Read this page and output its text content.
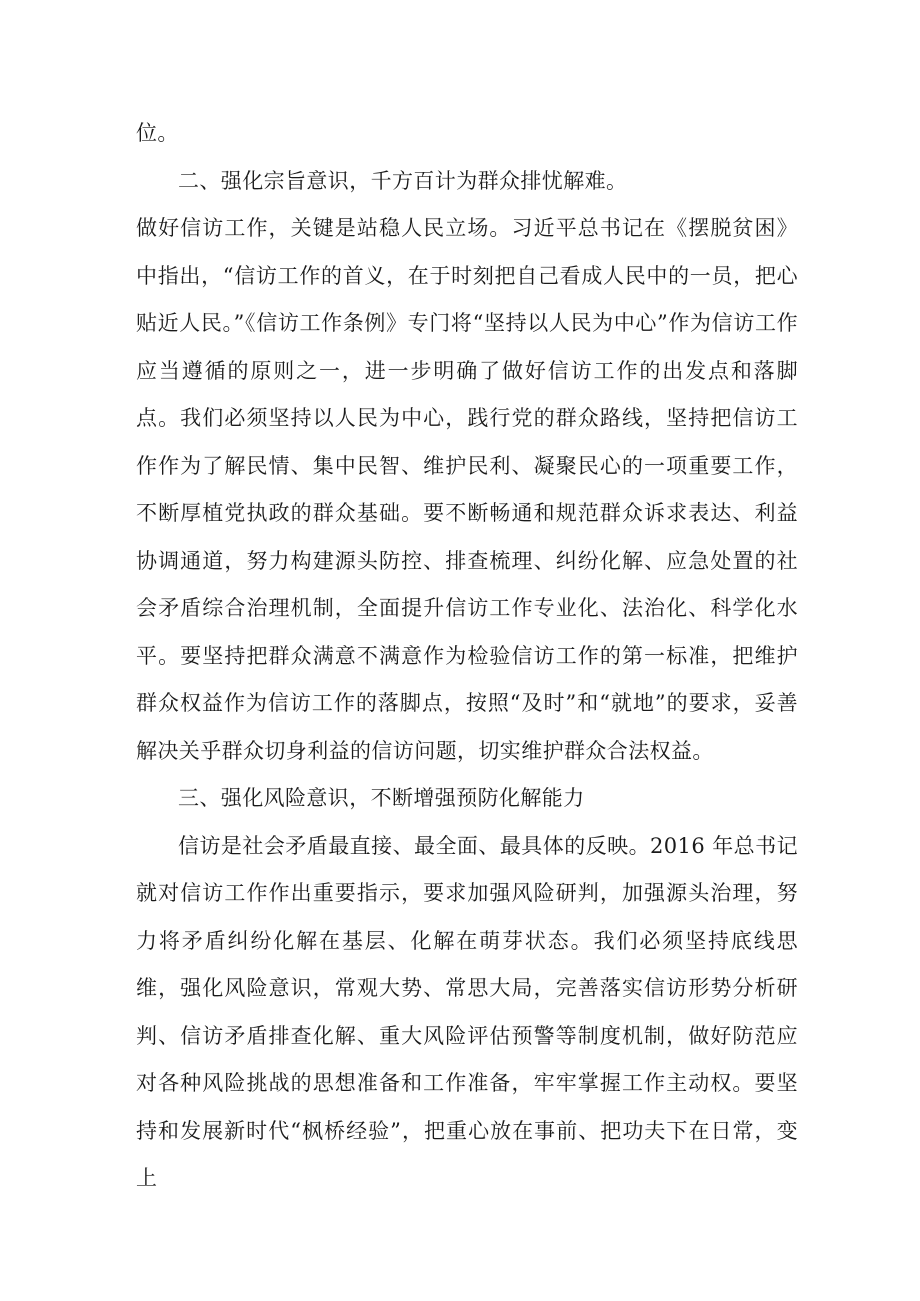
位。

二、强化宗旨意识，千方百计为群众排忧解难。

做好信访工作，关键是站稳人民立场。习近平总书记在《摆脱贫困》中指出，“信访工作的首义，在于时刻把自己看成人民中的一员，把心贴近人民。”《信访工作条例》专门将“坚持以人民为中心”作为信访工作应当遵循的原则之一，进一步明确了做好信访工作的出发点和落脚点。我们必须坚持以人民为中心，践行党的群众路线，坚持把信访工作作为了解民情、集中民智、维护民利、凝聚民心的一项重要工作，不断厚植党执政的群众基础。要不断畅通和规范群众诉求表达、利益协调通道，努力构建源头防控、排查梳理、纠纷化解、应急处置的社会矛盾综合治理机制，全面提升信访工作专业化、法治化、科学化水平。要坚持把群众满意不满意作为检验信访工作的第一标准，把维护群众权益作为信访工作的落脚点，按照“及时”和“就地”的要求，妥善解决关乎群众切身利益的信访问题，切实维护群众合法权益。

三、强化风险意识，不断增强预防化解能力

信访是社会矛盾最直接、最全面、最具体的反映。2016 年总书记就对信访工作作出重要指示，要求加强风险研判，加强源头治理，努力将矛盾纠纷化解在基层、化解在萌芽状态。我们必须坚持底线思维，强化风险意识，常观大势、常思大局，完善落实信访形势分析研判、信访矛盾排查化解、重大风险评估预警等制度机制，做好防范应对各种风险挑战的思想准备和工作准备，牢牢掌握工作主动权。要坚持和发展新时代“枫桥经验”，把重心放在事前、把功夫下在日常，变上
